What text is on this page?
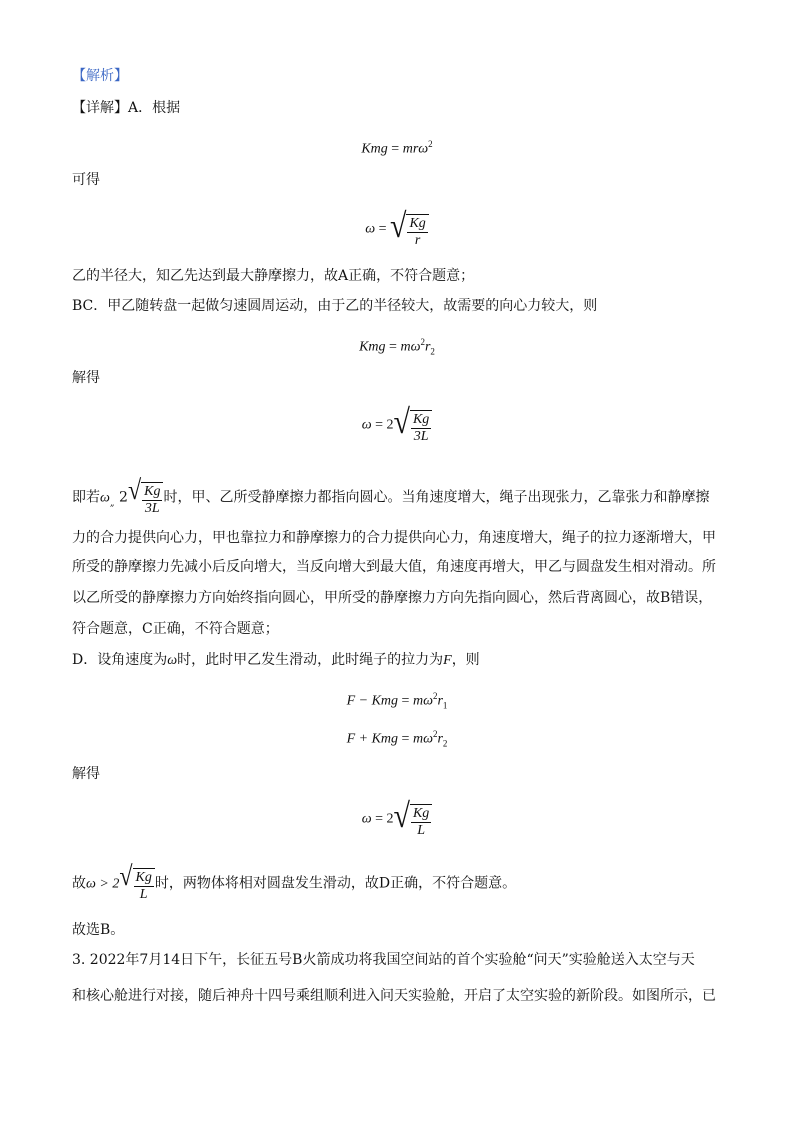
【解析】
【详解】A．根据
Kmg = mrω$^2$
可得
ω = √ $\frac{Kg}{r}$
乙的半径大，知乙先达到最大静摩擦力，故A正确，不符合题意；
BC．甲乙随转盘一起做匀速圆周运动，由于乙的半径较大，故需要的向心力较大，则
Kmg = $m\omega^2r_2$
解得
ω = 2 √ $\frac{Kg}{3L}$
即若$\omega_„$ 2 √ $\frac{Kg}{3L}$ 时，甲、乙所受静摩擦力都指向圆心。当角速度增大，绳子出现张力，乙靠张力和静摩擦
力的合力提供向心力，甲也靠拉力和静摩擦力的合力提供向心力，角速度增大，绳子的拉力逐渐增大，甲
所受的静摩擦力先减小后反向增大，当反向增大到最大值，角速度再增大，甲乙与圆盘发生相对滑动。所
以乙所受的静摩擦力方向始终指向圆心，甲所受的静摩擦力方向先指向圆心，然后背离圆心，故B错误，
符合题意，C正确，不符合题意；
D．设角速度为ω时，此时甲乙发生滑动，此时绳子的拉力为F，则
F − Kmg = $m\omega^2r_1$
F + Kmg = $m\omega^2r_2$
解得
ω = 2 √ $\frac{Kg}{L}$
故ω > 2 √ $\frac{Kg}{L}$ 时，两物体将相对圆盘发生滑动，故D正确，不符合题意。
故选B。
3. 2022年7月14日下午，长征五号B火箭成功将我国空间站的首个实验舱“问天”实验舱送入太空与天
和核心舱进行对接，随后神舟十四号乘组顺利进入问天实验舱，开启了太空实验的新阶段。如图所示，已
